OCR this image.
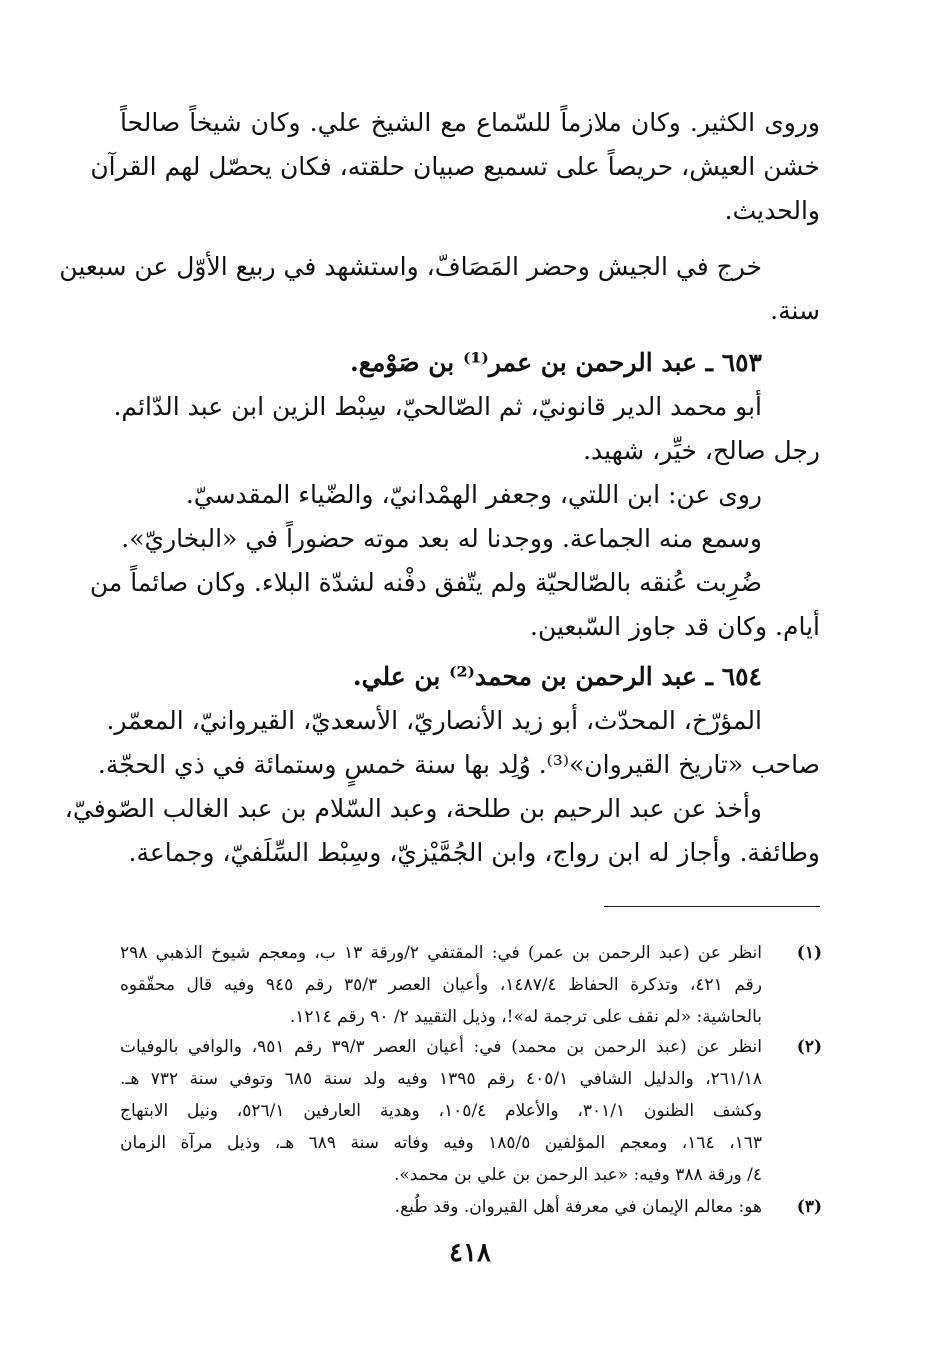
وروى الكثير. وكان ملازماً للسّماع مع الشيخ علي. وكان شيخاً صالحاً
خشن العيش، حريصاً على تسميع صبيان حلقته، فكان يحصّل لهم القرآن
والحديث.
خرج في الجيش وحضر المَصَافّ، واستشهد في ربيع الأوّل عن سبعين
سنة.
٦٥٣ ـ عبد الرحمن بن عمر⁽¹⁾ بن صَوْمع.
أبو محمد الدير قانونيّ، ثم الصّالحيّ، سِبْط الزين ابن عبد الدّائم.
رجل صالح، خيِّر، شهيد.
روى عن: ابن اللتي، وجعفر الهمْدانيّ، والضّياء المقدسيّ.
وسمع منه الجماعة. ووجدنا له بعد موته حضوراً في «البخاريّ».
ضُرِبت عُنقه بالصّالحيّة ولم يتّفق دفْنه لشدّة البلاء. وكان صائماً من
أيام. وكان قد جاوز السّبعين.
٦٥٤ ـ عبد الرحمن بن محمد⁽²⁾ بن علي.
المؤرّخ، المحدّث، أبو زيد الأنصاريّ، الأسعديّ، القيروانيّ، المعمّر.
صاحب «تاريخ القيروان»⁽³⁾. وُلِد بها سنة خمسٍ وستمائة في ذي الحجّة.
وأخذ عن عبد الرحيم بن طلحة، وعبد السّلام بن عبد الغالب الصّوفيّ،
وطائفة. وأجاز له ابن رواج، وابن الجُمَّيْزيّ، وسِبْط السِّلَفيّ، وجماعة.
(١)
انظر عن (عبد الرحمن بن عمر) في: المقتفي ٢/ورقة ١٣ ب، ومعجم شيوخ الذهبي ٢٩٨
رقم ٤٢١، وتذكرة الحفاظ ١٤٨٧/٤، وأعيان العصر ٣٥/٣ رقم ٩٤٥ وفيه قال محقّقوه
بالحاشية: «لم نقف على ترجمة له»!، وذيل التقييد ٢/ ٩٠ رقم ١٢١٤.
(٢)
انظر عن (عبد الرحمن بن محمد) في: أعيان العصر ٣٩/٣ رقم ٩٥١، والوافي بالوفيات
٢٦١/١٨، والدليل الشافي ٤٠٥/١ رقم ١٣٩٥ وفيه ولد سنة ٦٨٥ وتوفي سنة ٧٣٢ هـ.
وكشف الظنون ٣٠١/١، والأعلام ١٠٥/٤، وهدية العارفين ٥٢٦/١، ونيل الابتهاج
١٦٣، ١٦٤، ومعجم المؤلفين ١٨٥/٥ وفيه وفاته سنة ٦٨٩ هـ، وذيل مرآة الزمان
٤/ ورقة ٣٨٨ وفيه: «عبد الرحمن بن علي بن محمد».
(٣)
هو: معالم الإيمان في معرفة أهل القيروان. وقد طُبع.
٤١٨
